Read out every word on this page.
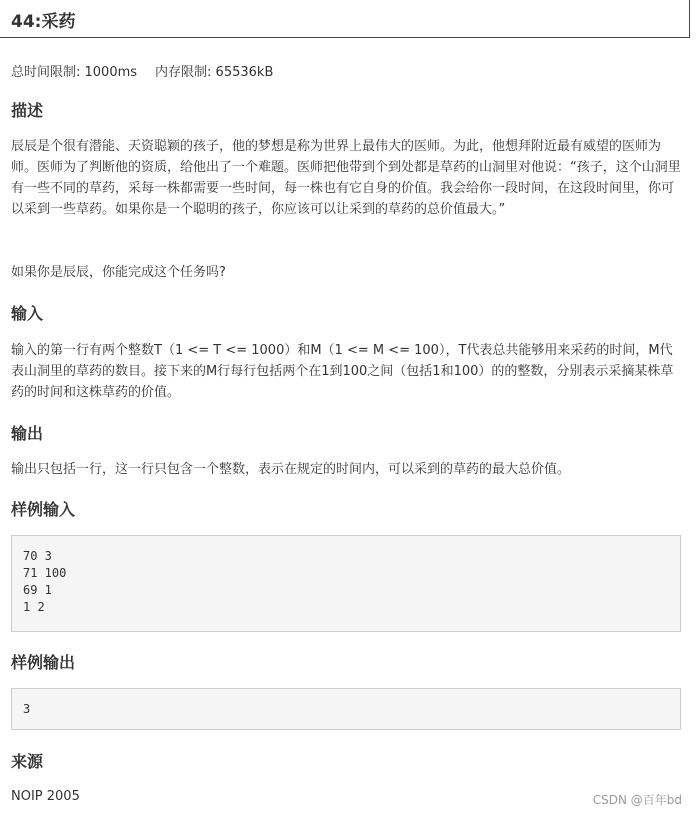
44:采药
总时间限制: 1000ms 内存限制: 65536kB
描述

辰辰是个很有潜能、天资聪颖的孩子，他的梦想是称为世界上最伟大的医师。为此，他想拜附近最有威望的医师为师。医师为了判断他的资质，给他出了一个难题。医师把他带到个到处都是草药的山洞里对他说：“孩子，这个山洞里有一些不同的草药，采每一株都需要一些时间，每一株也有它自身的价值。我会给你一段时间，在这段时间里，你可以采到一些草药。如果你是一个聪明的孩子，你应该可以让采到的草药的总价值最大。”

如果你是辰辰，你能完成这个任务吗?

输入

输入的第一行有两个整数T（1 <= T <= 1000）和M（1 <= M <= 100），T代表总共能够用来采药的时间，M代表山洞里的草药的数目。接下来的M行每行包括两个在1到100之间（包括1和100）的的整数，分别表示采摘某株草药的时间和这株草药的价值。

输出

输出只包括一行，这一行只包含一个整数，表示在规定的时间内，可以采到的草药的最大总价值。

样例输入
70 3
71 100
69 1
1 2
样例输出
3
来源
NOIP 2005	CSDN @百年bd
